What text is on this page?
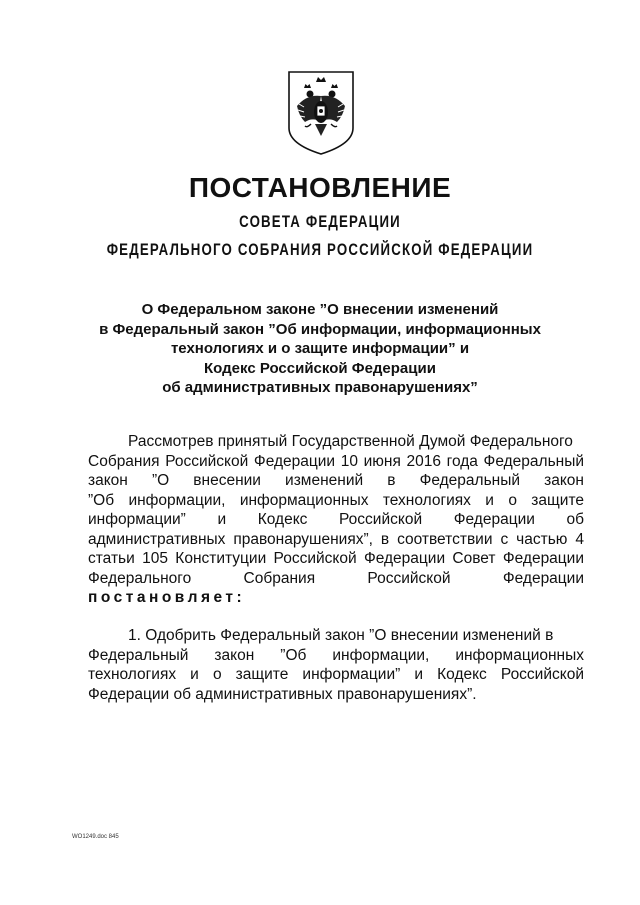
ПОСТАНОВЛЕНИЕ
СОВЕТА ФЕДЕРАЦИИ
ФЕДЕРАЛЬНОГО СОБРАНИЯ РОССИЙСКОЙ ФЕДЕРАЦИИ
О Федеральном законе ”О внесении изменений
в Федеральный закон ”Об информации, информационных
технологиях и о защите информации” и
Кодекс Российской Федерации
об административных правонарушениях”
Рассмотрев принятый Государственной Думой Федерального
Собрания Российской Федерации 10 июня 2016 года Федеральный
закон ”О внесении изменений в Федеральный закон
”Об информации, информационных технологиях и о защите
информации” и Кодекс Российской Федерации об
административных правонарушениях”, в соответствии с частью 4
статьи 105 Конституции Российской Федерации Совет Федерации
Федерального Собрания Российской Федерации
постановляет:
1. Одобрить Федеральный закон ”О внесении изменений в
Федеральный закон ”Об информации, информационных
технологиях и о защите информации” и Кодекс Российской
Федерации об административных правонарушениях”.
WO1249.doc 845
